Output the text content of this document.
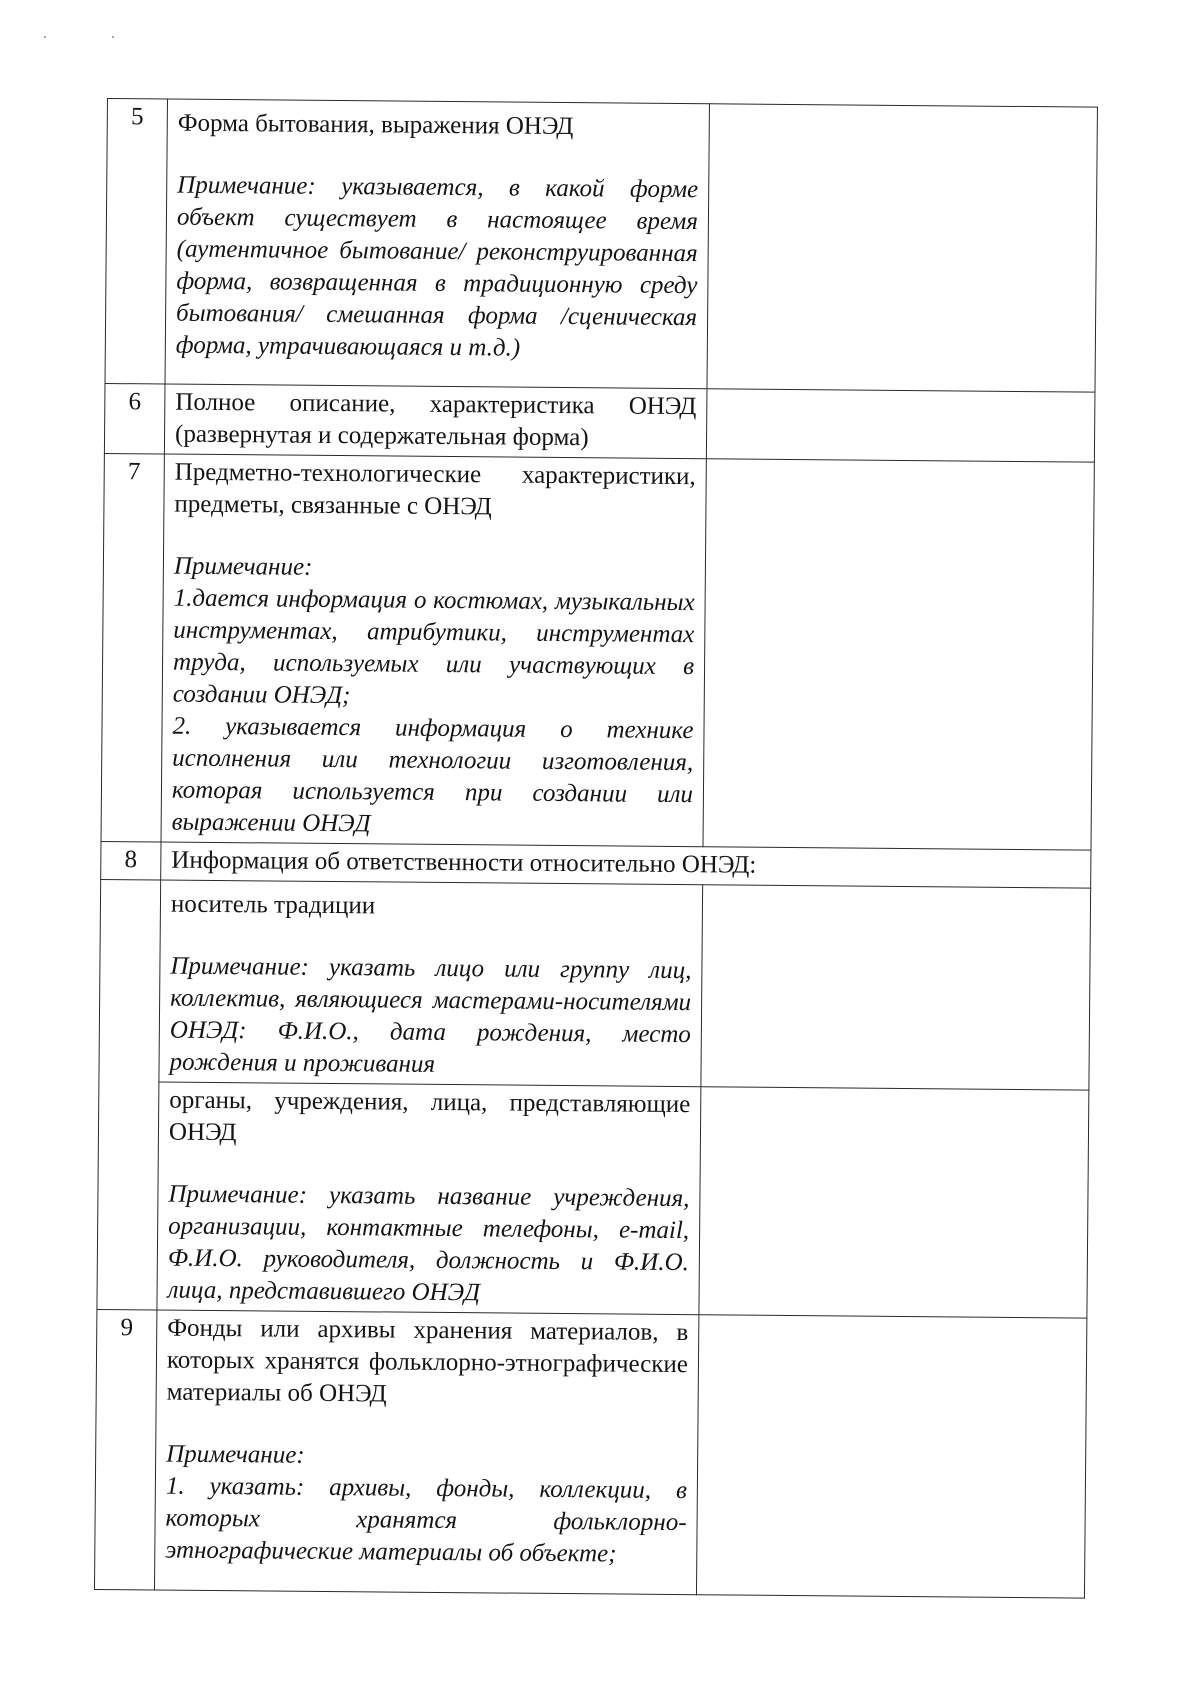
5	Форма бытования, выражения ОНЭД
Примечание: указывается, в какой форме объект существует в настоящее время (аутентичное бытование/ реконструированная форма, возвращенная в традиционную среду бытования/ смешанная форма /сценическая форма, утрачивающаяся и т.д.)	

6	Полное описание, характеристика ОНЭД (развернутая и содержательная форма)	

7	Предметно-технологические характеристики, предметы, связанные с ОНЭД
Примечание:
1.дается информация о костюмах, музыкальных инструментах, атрибутики, инструментах труда, используемых или участвующих в создании ОНЭД;
2. указывается информация о технике исполнения или технологии изготовления, которая используется при создании или выражении ОНЭД	

8	Информация об ответственности относительно ОНЭД:	

	носитель традиции
Примечание: указать лицо или группу лиц, коллектив, являющиеся мастерами-носителями ОНЭД: Ф.И.О., дата рождения, место рождения и проживания	

	органы, учреждения, лица, представляющие ОНЭД
Примечание: указать название учреждения, организации, контактные телефоны, e-mail, Ф.И.О. руководителя, должность и Ф.И.О. лица, представившего ОНЭД	

9	Фонды или архивы хранения материалов, в которых хранятся фольклорно-этнографические материалы об ОНЭД
Примечание:
1. указать: архивы, фонды, коллекции, в которых хранятся фольклорно-этнографические материалы об объекте;	
